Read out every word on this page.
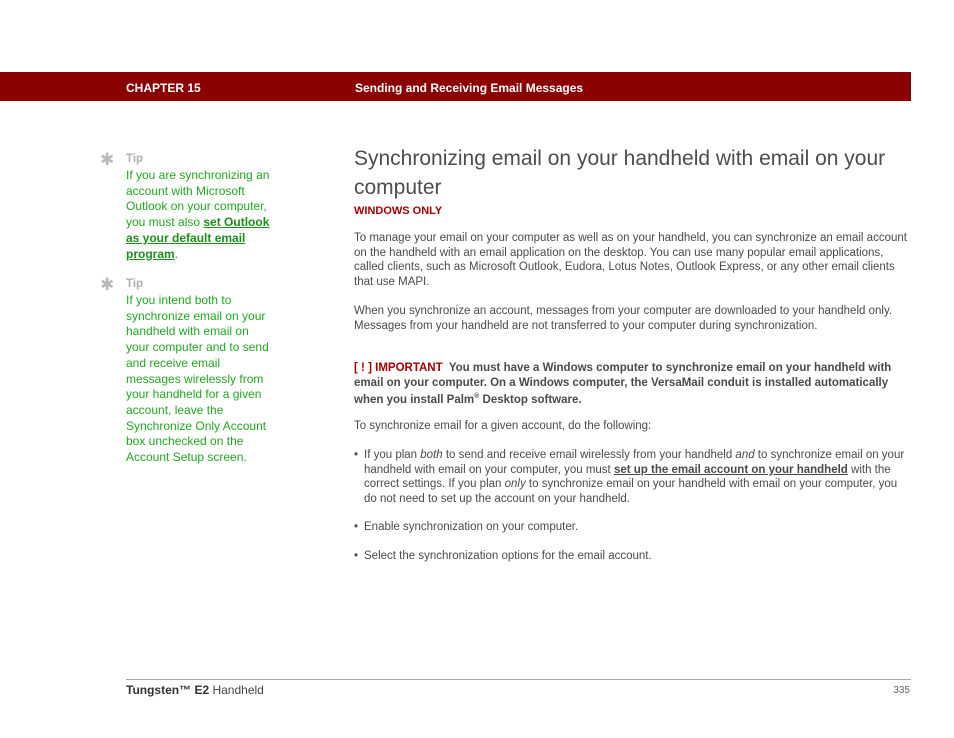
CHAPTER 15	Sending and Receiving Email Messages
✱ Tip
If you are synchronizing an account with Microsoft Outlook on your computer, you must also set Outlook as your default email program.
✱ Tip
If you intend both to synchronize email on your handheld with email on your computer and to send and receive email messages wirelessly from your handheld for a given account, leave the Synchronize Only Account box unchecked on the Account Setup screen.
Synchronizing email on your handheld with email on your computer
WINDOWS ONLY

To manage your email on your computer as well as on your handheld, you can synchronize an email account on the handheld with an email application on the desktop. You can use many popular email applications, called clients, such as Microsoft Outlook, Eudora, Lotus Notes, Outlook Express, or any other email clients that use MAPI.

When you synchronize an account, messages from your computer are downloaded to your handheld only. Messages from your handheld are not transferred to your computer during synchronization.

[ ! ] IMPORTANT You must have a Windows computer to synchronize email on your handheld with email on your computer. On a Windows computer, the VersaMail conduit is installed automatically when you install Palm® Desktop software.

To synchronize email for a given account, do the following:

• If you plan both to send and receive email wirelessly from your handheld and to synchronize email on your handheld with email on your computer, you must set up the email account on your handheld with the correct settings. If you plan only to synchronize email on your handheld with email on your computer, you do not need to set up the account on your handheld.
• Enable synchronization on your computer.
• Select the synchronization options for the email account.
Tungsten™ E2 Handheld	335
